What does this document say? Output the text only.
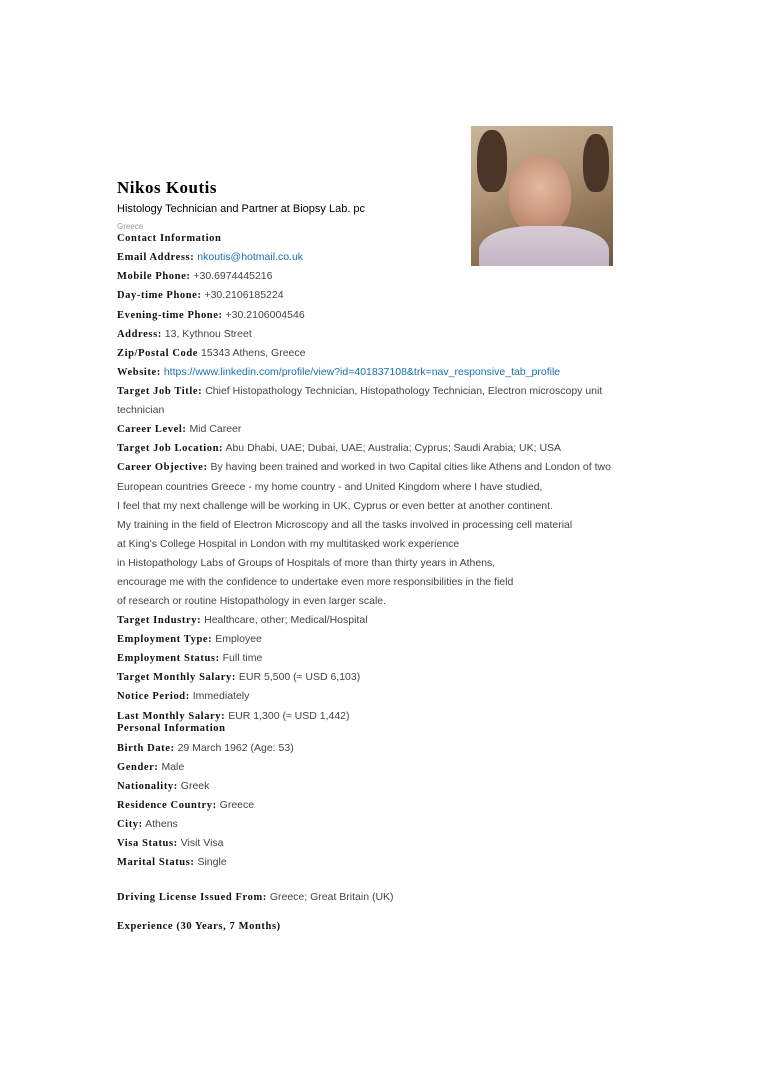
Nikos Koutis
Histology Technician and Partner at Biopsy Lab. pc
Greece
Contact Information
Email Address: nkoutis@hotmail.co.uk
Mobile Phone: +30.6974445216
Day-time Phone: +30.2106185224
Evening-time Phone: +30.2106004546
Address: 13, Kythnou Street
Zip/Postal Code 15343 Athens, Greece
Website: https://www.linkedin.com/profile/view?id=401837108&trk=nav_responsive_tab_profile
Target Job Title: Chief Histopathology Technician, Histopathology Technician, Electron microscopy unit
technician
Career Level: Mid Career
Target Job Location: Abu Dhabi, UAE; Dubai, UAE; Australia; Cyprus; Saudi Arabia; UK; USA
Career Objective: By having been trained and worked in two Capital cities like Athens and London of two
European countries Greece - my home country - and United Kingdom where I have studied,
I feel that my next challenge will be working in UK, Cyprus or even better at another continent.
My training in the field of Electron Microscopy and all the tasks involved in processing cell material
at King's College Hospital in London with my multitasked work experience
in Histopathology Labs of Groups of Hospitals of more than thirty years in Athens,
encourage me with the confidence to undertake even more responsibilities in the field
of research or routine Histopathology in even larger scale.
Target Industry: Healthcare, other; Medical/Hospital
Employment Type: Employee
Employment Status: Full time
Target Monthly Salary: EUR 5,500 (≈ USD 6,103)
Notice Period: Immediately
Last Monthly Salary: EUR 1,300 (≈ USD 1,442)
Personal Information
Birth Date: 29 March 1962 (Age: 53)
Gender: Male
Nationality: Greek
Residence Country: Greece
City: Athens
Visa Status: Visit Visa
Marital Status: Single
Driving License Issued From: Greece; Great Britain (UK)
Experience (30 Years, 7 Months)
